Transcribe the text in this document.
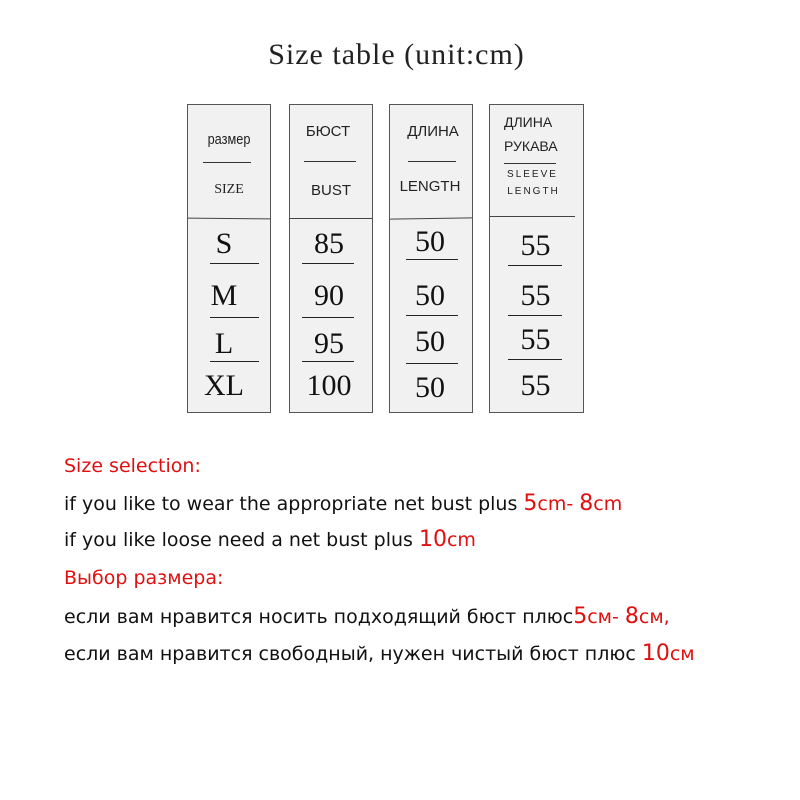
Size table (unit:cm)
размер
SIZE
S
M
L
XL
БЮСТ
BUST
85
90
95
100
ДЛИНА
LENGTH
50
50
50
50
ДЛИНА
РУКАВА
SLEEVE
LENGTH
55
55
55
55
Size selection:
if you like to wear the appropriate net bust plus 5cm- 8cm
if you like loose need a net bust plus 10cm
Выбор размера:
если вам нравится носить подходящий бюст плюс5см- 8см,
если вам нравится свободный, нужен чистый бюст плюс 10см
